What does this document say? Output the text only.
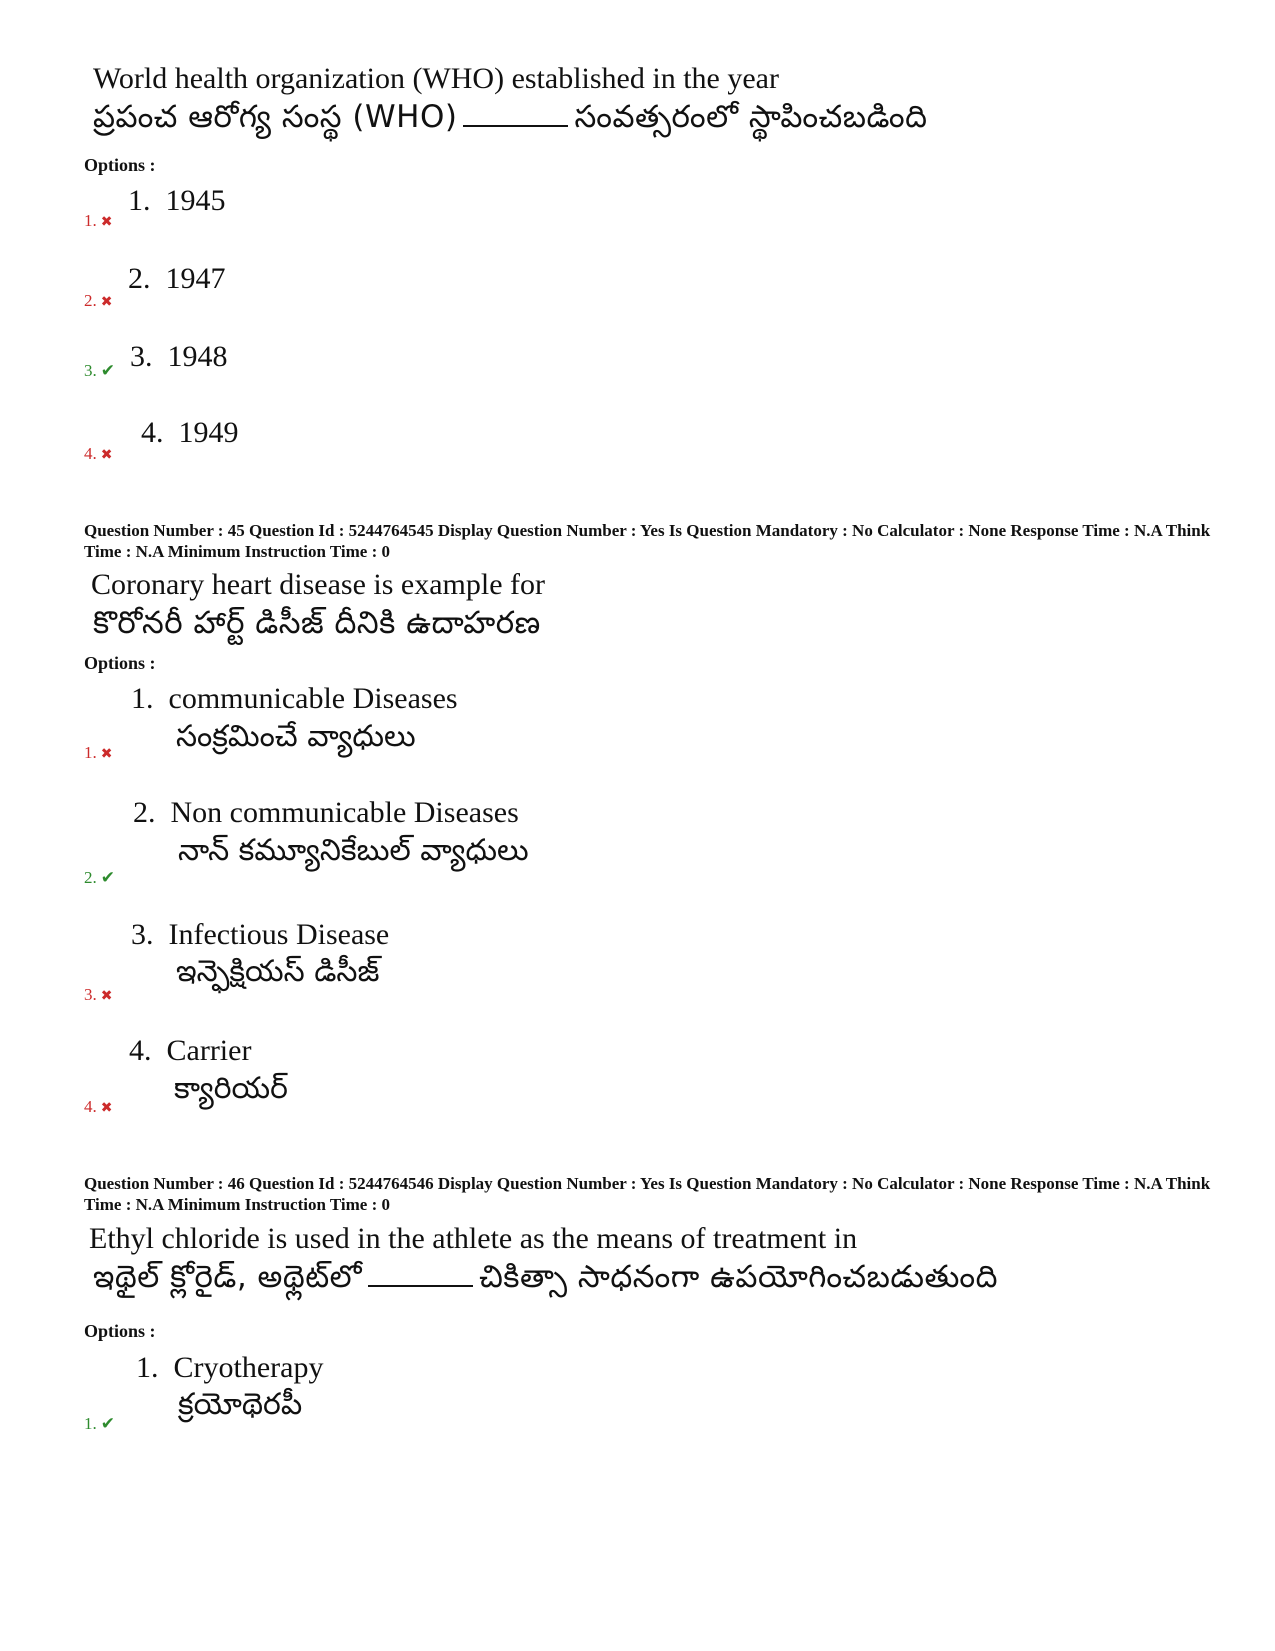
World health organization (WHO) established in the year
ప్రపంచ ఆరోగ్య సంస్థ (WHO)	సంవత్సరంలో స్థాపించబడింది
Options :
1. ✖
1. 1945
2. ✖
2. 1947
3. ✔ 3. 1948
4. ✖
4. 1949
Question Number : 45 Question Id : 5244764545 Display Question Number : Yes Is Question Mandatory : No Calculator : None Response Time : N.A Think Time : N.A Minimum Instruction Time : 0
Coronary heart disease is example for
కొరోనరీ హార్ట్ డిసీజ్ దీనికి ఉదాహరణ
Options :
1. ✖
1. communicable Diseases
సంక్రమించే వ్యాధులు
2. ✔
2. Non communicable Diseases
నాన్ కమ్యూనికేబుల్ వ్యాధులు
3. ✖
3. Infectious Disease
ఇన్ఫెక్షియస్ డిసీజ్
4. ✖
4. Carrier
క్యారియర్
Question Number : 46 Question Id : 5244764546 Display Question Number : Yes Is Question Mandatory : No Calculator : None Response Time : N.A Think Time : N.A Minimum Instruction Time : 0
Ethyl chloride is used in the athlete as the means of treatment in
ఇథైల్ క్లోరైడ్, అథ్లెట్‌లో	చికిత్సా సాధనంగా ఉపయోగించబడుతుంది
Options :
1. ✔
1. Cryotherapy
క్రయోథెరపీ
